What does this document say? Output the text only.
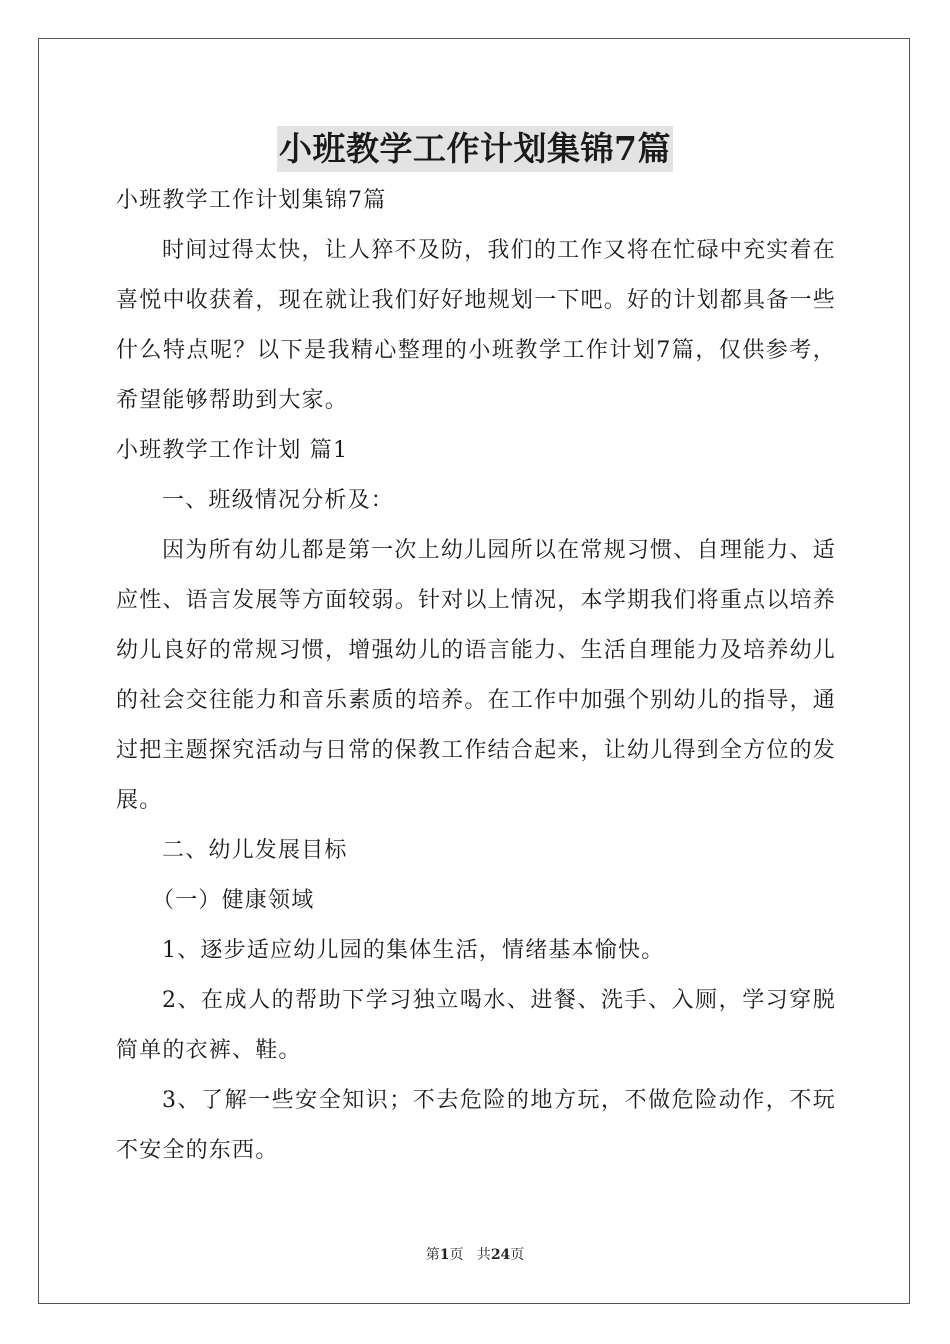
小班教学工作计划集锦7篇

小班教学工作计划集锦7篇

时间过得太快，让人猝不及防，我们的工作又将在忙碌中充实着在喜悦中收获着，现在就让我们好好地规划一下吧。好的计划都具备一些什么特点呢？以下是我精心整理的小班教学工作计划7篇，仅供参考，希望能够帮助到大家。

小班教学工作计划 篇1

一、班级情况分析及：

因为所有幼儿都是第一次上幼儿园所以在常规习惯、自理能力、适应性、语言发展等方面较弱。针对以上情况，本学期我们将重点以培养幼儿良好的常规习惯，增强幼儿的语言能力、生活自理能力及培养幼儿的社会交往能力和音乐素质的培养。在工作中加强个别幼儿的指导，通过把主题探究活动与日常的保教工作结合起来，让幼儿得到全方位的发展。

二、幼儿发展目标

（一）健康领域

1、逐步适应幼儿园的集体生活，情绪基本愉快。

2、在成人的帮助下学习独立喝水、进餐、洗手、入厕，学习穿脱简单的衣裤、鞋。

3、了解一些安全知识；不去危险的地方玩，不做危险动作，不玩不安全的东西。

第1页   共24页
